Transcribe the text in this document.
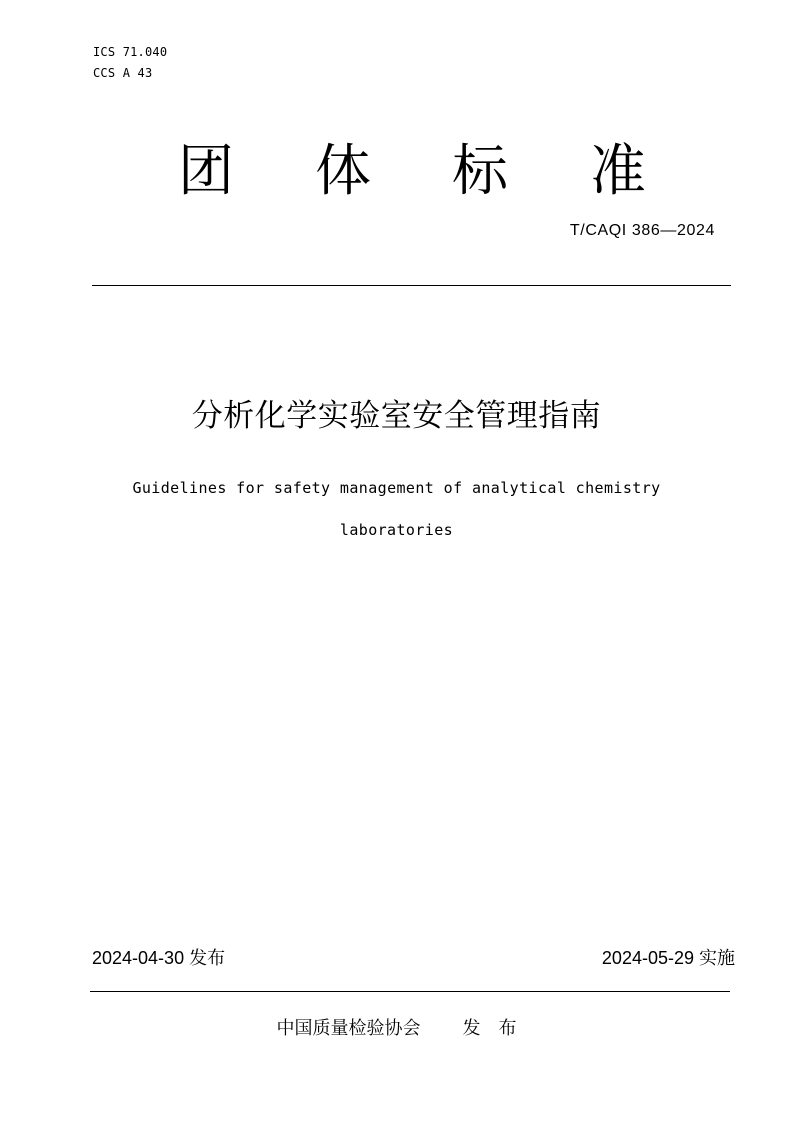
ICS 71.040
CCS A 43
团 体 标 准
T/CAQI 386—2024
分析化学实验室安全管理指南
Guidelines for safety management of analytical chemistry
laboratories
2024-04-30 发布	2024-05-29 实施
中国质量检验协会 发 布
